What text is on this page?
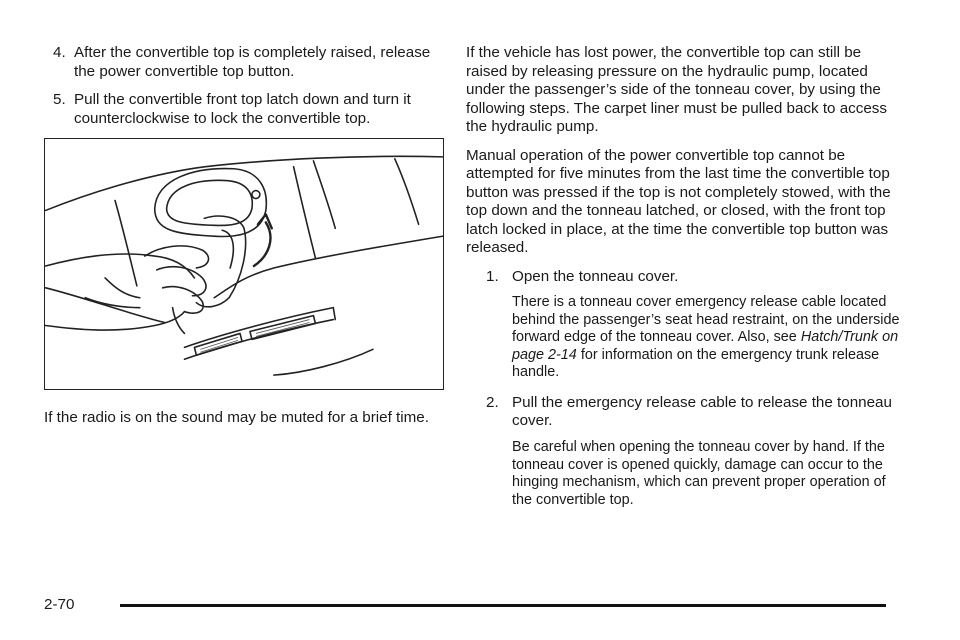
4. After the convertible top is completely raised, release the power convertible top button.
5. Pull the convertible front top latch down and turn it counterclockwise to lock the convertible top.

If the radio is on the sound may be muted for a brief time.

If the vehicle has lost power, the convertible top can still be raised by releasing pressure on the hydraulic pump, located under the passenger’s side of the tonneau cover, by using the following steps. The carpet liner must be pulled back to access the hydraulic pump.

Manual operation of the power convertible top cannot be attempted for five minutes from the last time the convertible top button was pressed if the top is not completely stowed, with the top down and the tonneau latched, or closed, with the front top latch locked in place, at the time the convertible top button was released.

1. Open the tonneau cover.

There is a tonneau cover emergency release cable located behind the passenger’s seat head restraint, on the underside forward edge of the tonneau cover. Also, see Hatch/Trunk on page 2-14 for information on the emergency trunk release handle.

2. Pull the emergency release cable to release the tonneau cover.

Be careful when opening the tonneau cover by hand. If the tonneau cover is opened quickly, damage can occur to the hinging mechanism, which can prevent proper operation of the convertible top.

2-70
